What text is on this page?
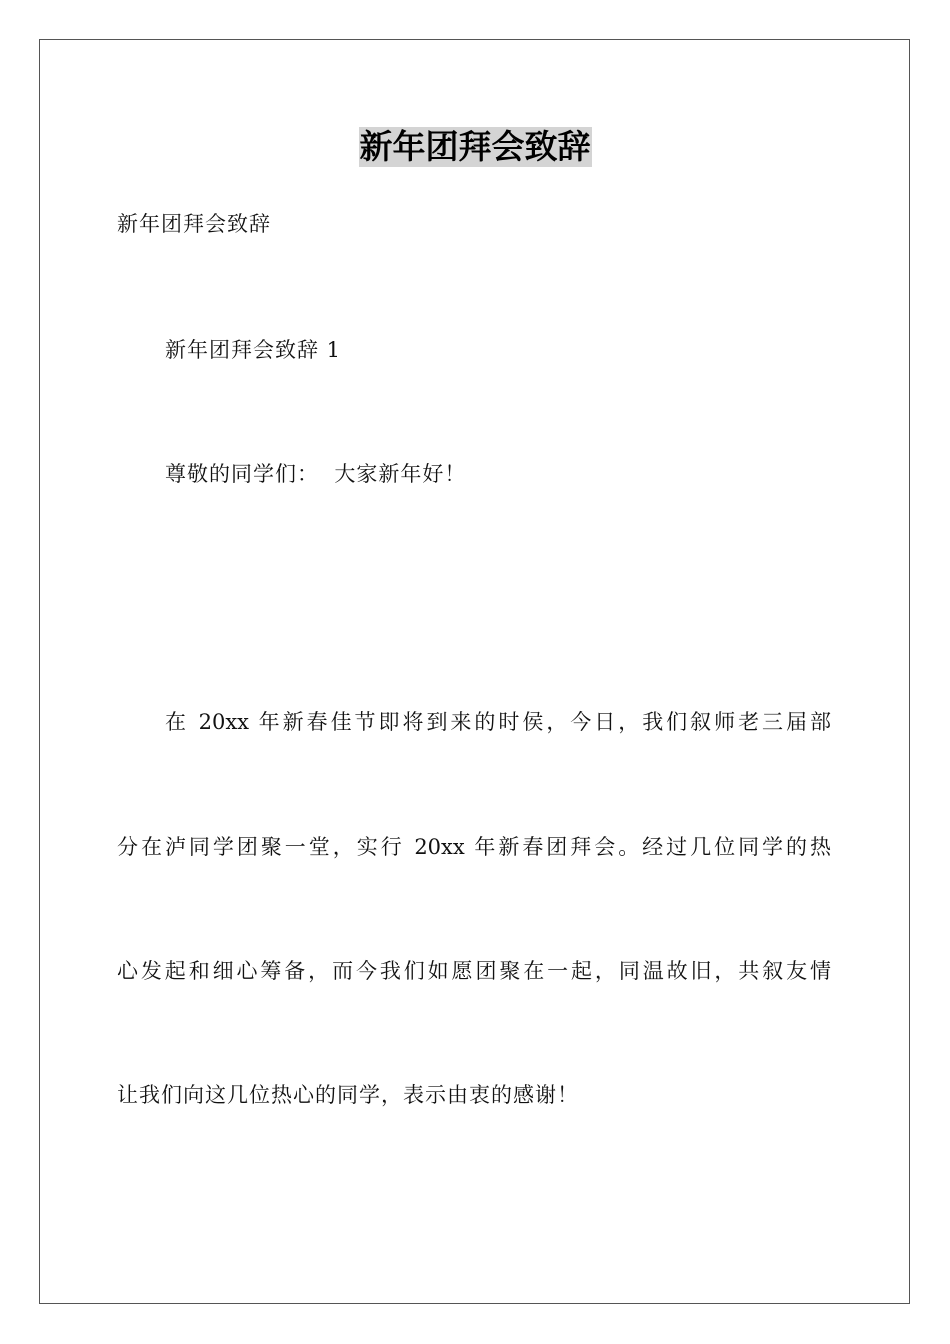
新年团拜会致辞
新年团拜会致辞
新年团拜会致辞 1
尊敬的同学们：  大家新年好！
在 20xx 年新春佳节即将到来的时侯，今日，我们叙师老三届部
分在泸同学团聚一堂，实行 20xx 年新春团拜会。经过几位同学的热
心发起和细心筹备，而今我们如愿团聚在一起，同温故旧，共叙友情
让我们向这几位热心的同学，表示由衷的感谢！
